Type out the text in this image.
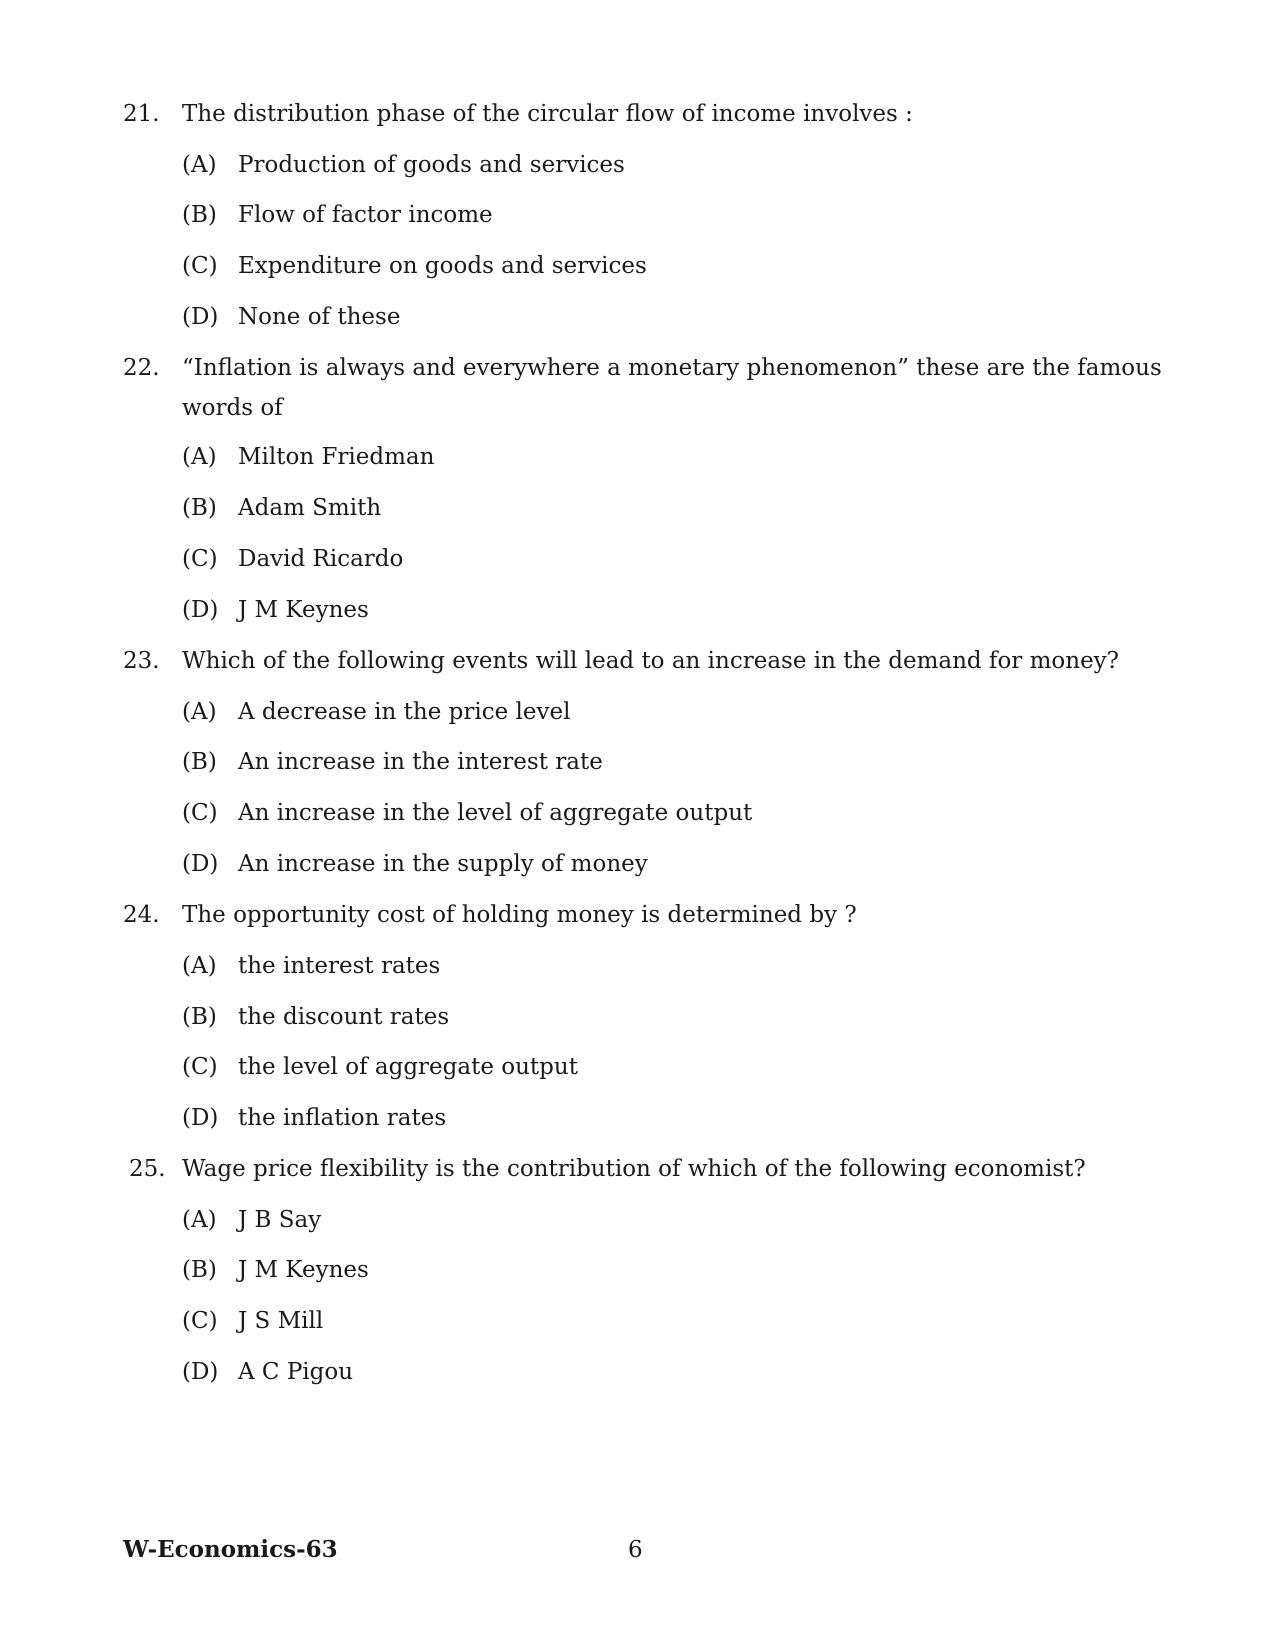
21. The distribution phase of the circular flow of income involves :
(A) Production of goods and services
(B) Flow of factor income
(C) Expenditure on goods and services
(D) None of these
22. “Inflation is always and everywhere a monetary phenomenon” these are the famous words of
(A) Milton Friedman
(B) Adam Smith
(C) David Ricardo
(D) J M Keynes
23. Which of the following events will lead to an increase in the demand for money?
(A) A decrease in the price level
(B) An increase in the interest rate
(C) An increase in the level of aggregate output
(D) An increase in the supply of money
24. The opportunity cost of holding money is determined by ?
(A) the interest rates
(B) the discount rates
(C) the level of aggregate output
(D) the inflation rates
25. Wage price flexibility is the contribution of which of the following economist?
(A) J B Say
(B) J M Keynes
(C) J S Mill
(D) A C Pigou
W-Economics-63	6
